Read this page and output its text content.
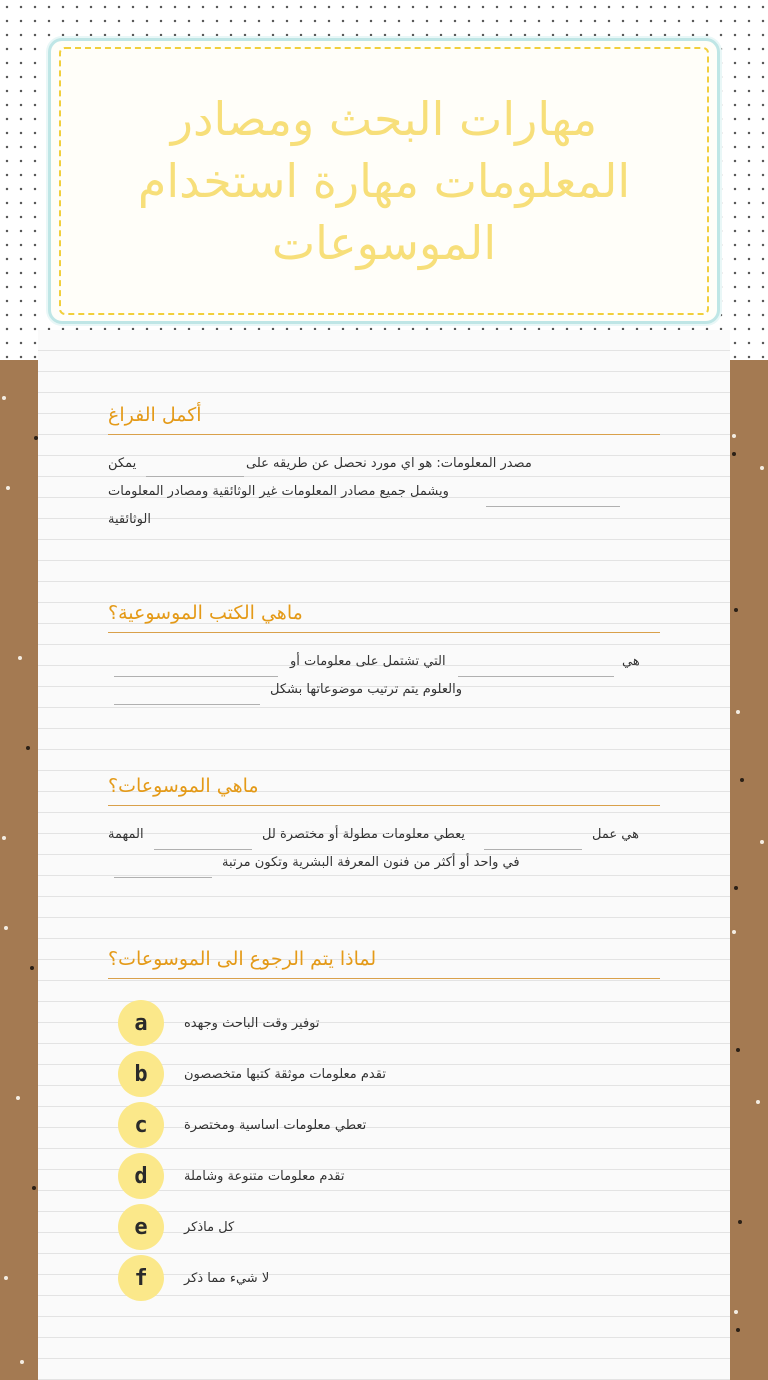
مهارات البحث ومصادر المعلومات مهارة استخدام الموسوعات
أكمل الفراغ
مصدر المعلومات: هو اي مورد نحصل عن طريقه على
يمكن
ويشمل جميع مصادر المعلومات غير الوثائقية ومصادر المعلومات
الوثائقية
ماهي الكتب الموسوعية؟
هي
التي تشتمل على معلومات أو
والعلوم يتم ترتيب موضوعاتها بشكل
ماهي الموسوعات؟
هي عمل
يعطي معلومات مطولة أو مختصرة لل
المهمة
في واحد أو أكثر من فنون المعرفة البشرية وتكون مرتبة
لماذا يتم الرجوع الى الموسوعات؟
a	توفير وقت الباحث وجهده
b	تقدم معلومات موثقة كتبها متخصصون
c	تعطي معلومات اساسية ومختصرة
d	تقدم معلومات متنوعة وشاملة
e	كل ماذكر
f	لا شيء مما ذكر
